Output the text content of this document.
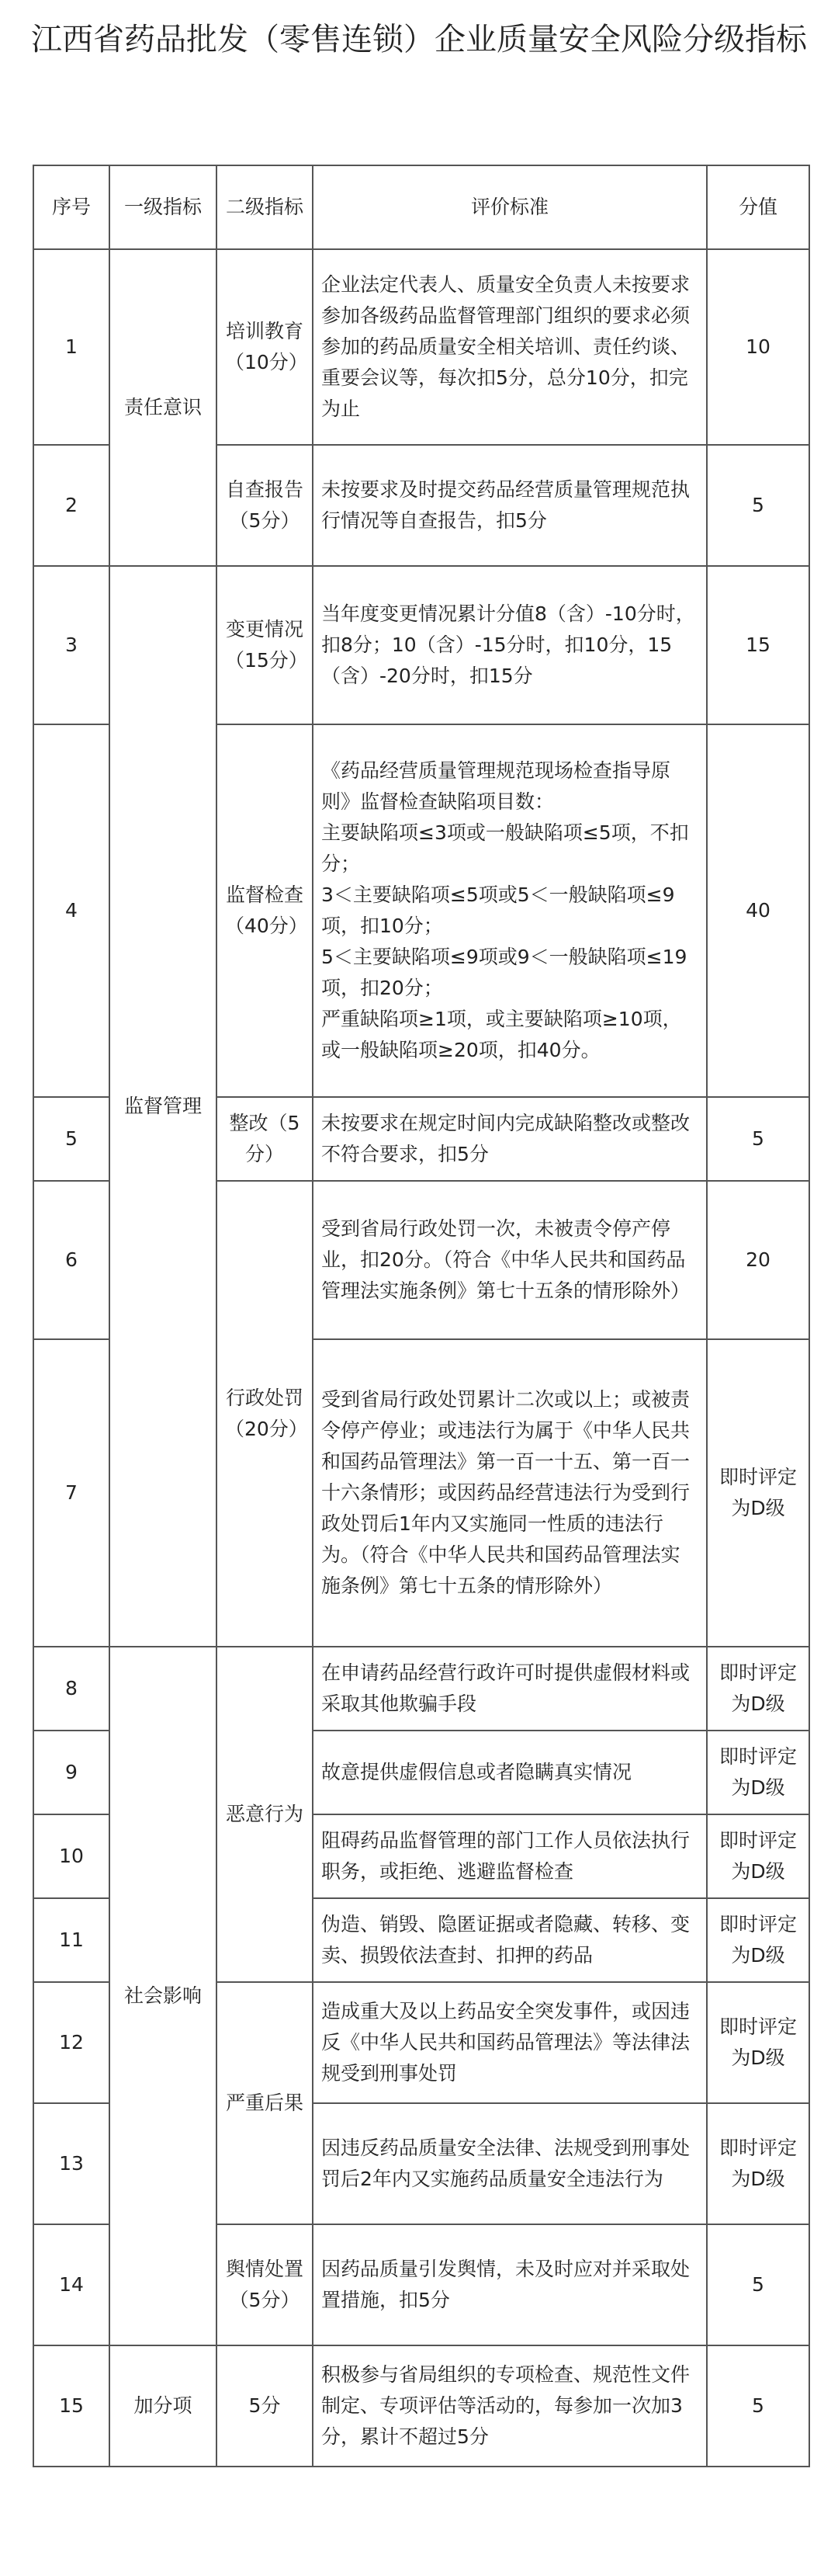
江西省药品批发（零售连锁）企业质量安全风险分级指标
序号	一级指标	二级指标	评价标准	分值
1	责任意识	培训教育（10分）	企业法定代表人、质量安全负责人未按要求参加各级药品监督管理部门组织的要求必须参加的药品质量安全相关培训、责任约谈、重要会议等，每次扣5分，总分10分，扣完为止	10
2		自查报告（5分）	未按要求及时提交药品经营质量管理规范执行情况等自查报告，扣5分	5
3	监督管理	变更情况（15分）	当年度变更情况累计分值8（含）-10分时，扣8分；10（含）-15分时，扣10分，15（含）-20分时，扣15分	15
4		监督检查（40分）	《药品经营质量管理规范现场检查指导原则》监督检查缺陷项目数：
主要缺陷项≤3项或一般缺陷项≤5项，不扣分；
3＜主要缺陷项≤5项或5＜一般缺陷项≤9项，扣10分；
5＜主要缺陷项≤9项或9＜一般缺陷项≤19项，扣20分；
严重缺陷项≥1项，或主要缺陷项≥10项，或一般缺陷项≥20项，扣40分。	40
5		整改（5分）	未按要求在规定时间内完成缺陷整改或整改不符合要求，扣5分	5
6		行政处罚（20分）	受到省局行政处罚一次，未被责令停产停业，扣20分。（符合《中华人民共和国药品管理法实施条例》第七十五条的情形除外）	20
7			受到省局行政处罚累计二次或以上；或被责令停产停业；或违法行为属于《中华人民共和国药品管理法》第一百一十五、第一百一十六条情形；或因药品经营违法行为受到行政处罚后1年内又实施同一性质的违法行为。（符合《中华人民共和国药品管理法实施条例》第七十五条的情形除外）	即时评定为D级
8	社会影响	恶意行为	在申请药品经营行政许可时提供虚假材料或采取其他欺骗手段	即时评定为D级
9			故意提供虚假信息或者隐瞒真实情况	即时评定为D级
10			阻碍药品监督管理的部门工作人员依法执行职务，或拒绝、逃避监督检查	即时评定为D级
11			伪造、销毁、隐匿证据或者隐藏、转移、变卖、损毁依法查封、扣押的药品	即时评定为D级
12		严重后果	造成重大及以上药品安全突发事件，或因违反《中华人民共和国药品管理法》等法律法规受到刑事处罚	即时评定为D级
13			因违反药品质量安全法律、法规受到刑事处罚后2年内又实施药品质量安全违法行为	即时评定为D级
14		舆情处置（5分）	因药品质量引发舆情，未及时应对并采取处置措施，扣5分	5
15	加分项	5分	积极参与省局组织的专项检查、规范性文件制定、专项评估等活动的，每参加一次加3分，累计不超过5分	5
